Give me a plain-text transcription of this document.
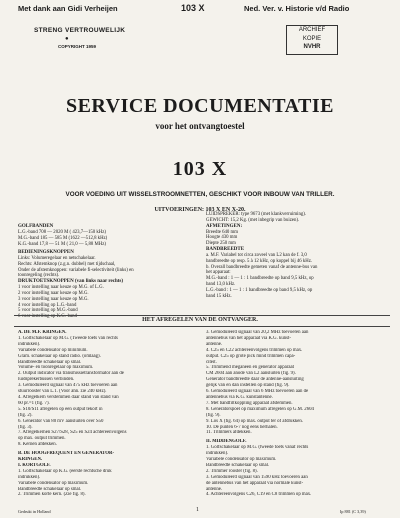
Met dank aan Gidi Verheijen	103 X	Ned. Ver. v. Historie v/d Radio
STRENG VERTROUWELIJK
●
COPYRIGHT 1959
ARCHIEF
KOPIE
NVHR
SERVICE DOCUMENTATIE
voor het ontvangtoestel
103 X
VOOR VOEDING UIT WISSELSTROOMNETTEN, GESCHIKT VOOR INBOUW VAN TRILLER.
UITVOERINGEN: 103 X EN X-20.
GOLFBANDEN
L.G.-band 708 — 2020 M ( 423,7—150 kHz)
M.G.-band 185 — 585 M (1622 —512,8 kHz)
K.G.-band 17,8 — 51 M ( 21,0 — 5,88 MHz)
LUIDSPREKER: type 9673 (met klankverruiming).
GEWICHT: 15,2 Kg. (met inbegrip van buizen).
AFMETINGEN:
Breedte 640 mm
Hoogte 430 mm
Diepte 250 mm
BANDBREEDTE
a. M.F. Variabel tot circa zoveel van L2 kan de f. 3,0
bandbreedte op resp. 5 à 12 kHz, op koppel bij 46 kHz.
b. Overall bandbreedte gemeten vanaf de antenne-bus van
het apparaat:
M.G.-band : 1 — 1 : 1 bandbreedte op band 9,5 kHz, op
band 13,0 kHz.
L.G.-band : 1 — 1 : 1 bandbreedte op band 9,5 kHz, op
band 15 kHz.
BEDIENINGSKNOPPEN
Links: Volumeregelaar en netschakelaar.
Rechts: Afstemknop (z.g.n. dubbel) met tijdschaal,
Onder de afstemknoppen: variabele fi-selectiviteit (links) en
toonregeling (rechts).
DRUKTOETSKNOPPEN (van links naar rechts)
1 voor instelling naar keuze op M.G. of L.G.
2 voor instelling naar keuze op M.G.
3 voor instelling naar keuze op M.G.
4 voor instelling op L.G.-band
5 voor instelling op M.G.-band
6 voor instelling op K.G.-band
HET AFREGELEN VAN DE ONTVANGER.
A. DE M.F. KRINGEN.
1. Golfschakelaar op M.G. (Tweede toets van rechts
indrukken).
Variabele condensator op minimum.
Gram. schakelaar op stand radio. (omlaag).
Bandbreedte schakelaar op smal.
Volume- en toonregelaar op maximum.
2. Output indicator via transmissietransformator aan de
luidsprekerbussen verbinden.
3. Gemoduleerd signaal van 475 kHz toevoeren aan
stuurrooster van L.1. (Voor ahn. zie 240 kHz).
4. Afregelkern verstemmen daar stand van stand van
60 pr.=1 (fig. 7).
5. S10/S11 afregelen op een output tekort in
(fig. 2).
6. Generator van 80 mV aansluiten over S50
(fig. 3).
7. Afregelkernen S27/S28, S25 en S24 achtereenvolgens
op max. output trimmen.
8. Kernen afdekken.
B. DE HOOGFREQUENT EN GENERATOR-
KRINGEN.
I. KORTGOLF.
1. Golfschakelaar op K.G. (eerste rechtsche druk
indrukken).
Variabele condensator op maximum.
Bandbreedte schakelaar op smal.
2. Trimmen korte kern. (Zie fig. 8).
3. Gemoduleerd signaal van 20,2 MHz toevoeren aan
antennebus van het apparaat via K.G. kunst-
antenne.
4. C25 en C22 achtereenvolgens trimmen op max.
output. C25 op grote pick mind trimmen capa-
citeit.
5. Trimmend meganeen en generator apparaat
CM 2604 aan anode van L2 aansluiten (fig. 9).
Generator bandbreedte daar de antenne-aansluiting
gelijk van en dan instellen op stand (fig. 9).
6. Gemoduleerd signaal van 6 MHz toevoeren aan de
antennebus via K.G. kunstantenne.
7. Met bandfiltkoppling apparaat afstemmen.
8. Generatorspoel op maximum afregelen op G.M. 2604
(fig. 9).
9. Los X (fig. 64) op max. output ter of afdrukken.
10. De punten 6-7 nog eens herhalen.
11. Trimmers afdekken.
II. MIDDENGOLF.
1. Golfschakelaar op M.G. (tweede toets vanaf rechts
indrukken).
Variabele condensator op maximum.
Bandbreedte schakelaar op smal.
2. Trimmer rooster (fig. 8).
3. Gemoduleerd signaal van 1590 kHz toevoeren aan
de antennebus van het apparaat via normale kunst-
antenne.
4. Achtereenvolgens C26, C19 en C8 trimmen op max.
1
Gedrukt in Holland	Ip 881 (C 3,39)
